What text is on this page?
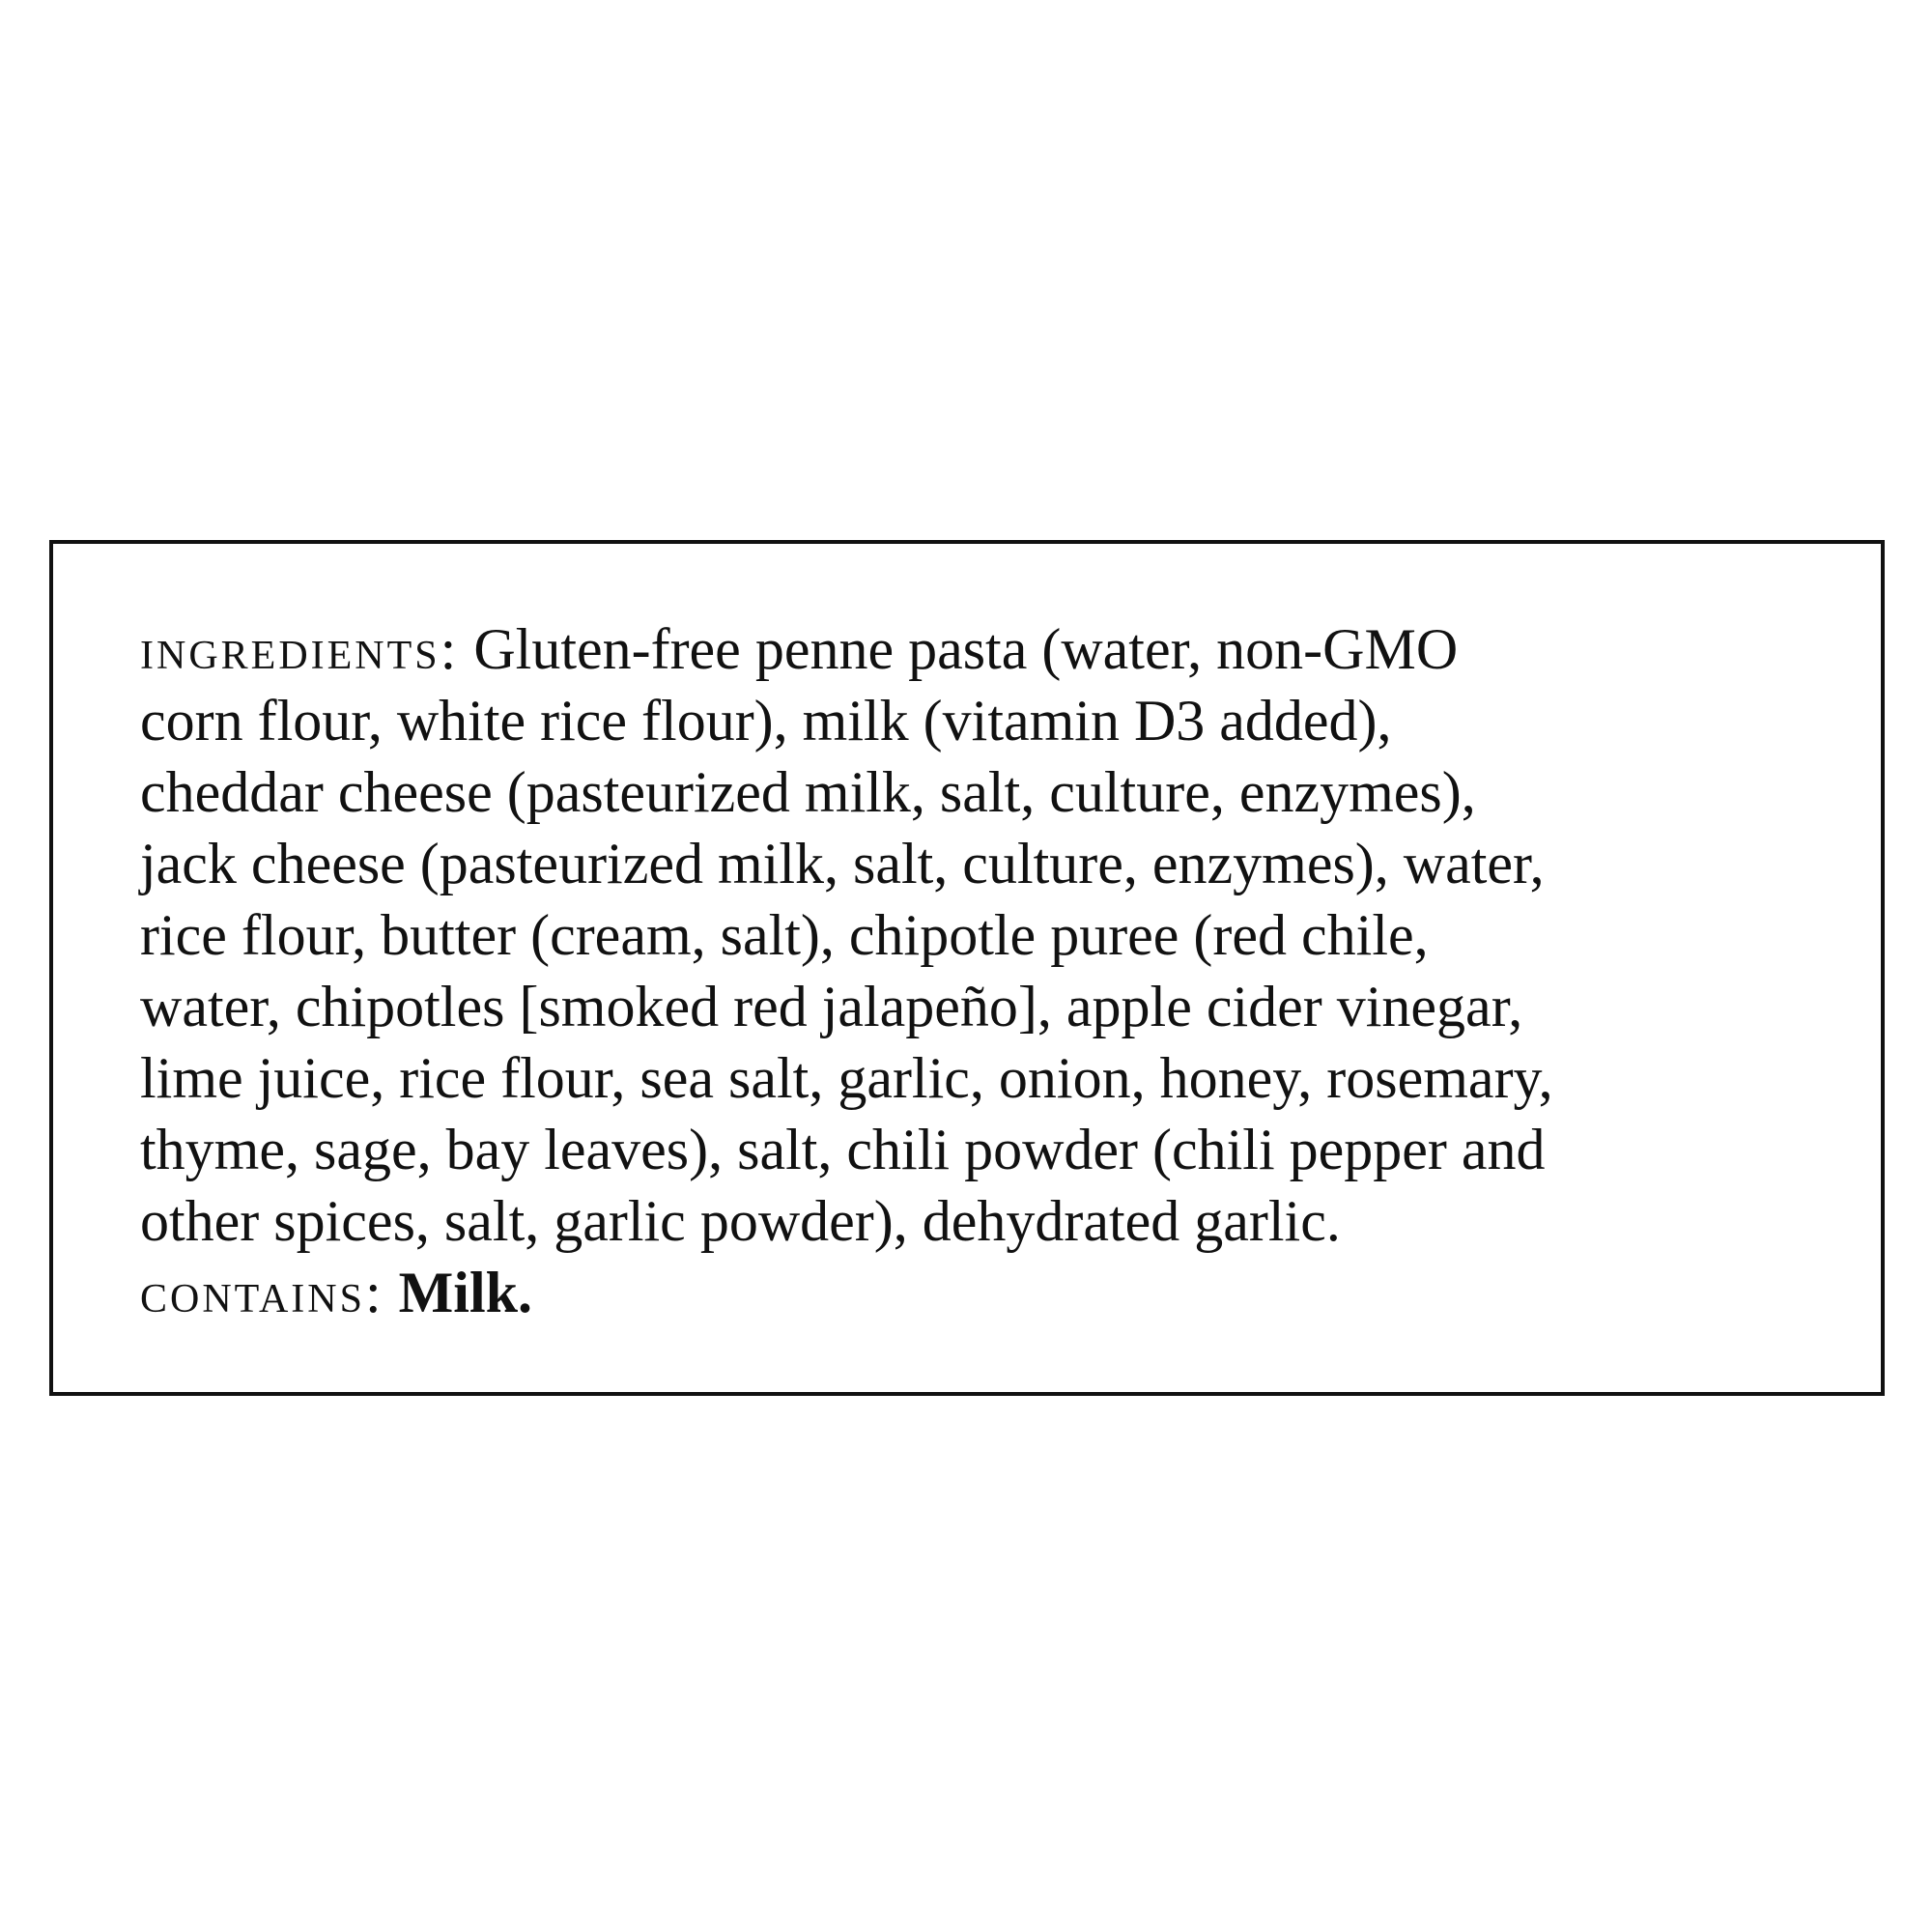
ingredients: Gluten-free penne pasta (water, non-GMO
corn flour, white rice flour), milk (vitamin D3 added),
cheddar cheese (pasteurized milk, salt, culture, enzymes),
jack cheese (pasteurized milk, salt, culture, enzymes), water,
rice flour, butter (cream, salt), chipotle puree (red chile,
water, chipotles [smoked red jalapeño], apple cider vinegar,
lime juice, rice flour, sea salt, garlic, onion, honey, rosemary,
thyme, sage, bay leaves), salt, chili powder (chili pepper and
other spices, salt, garlic powder), dehydrated garlic.
contains: Milk.
